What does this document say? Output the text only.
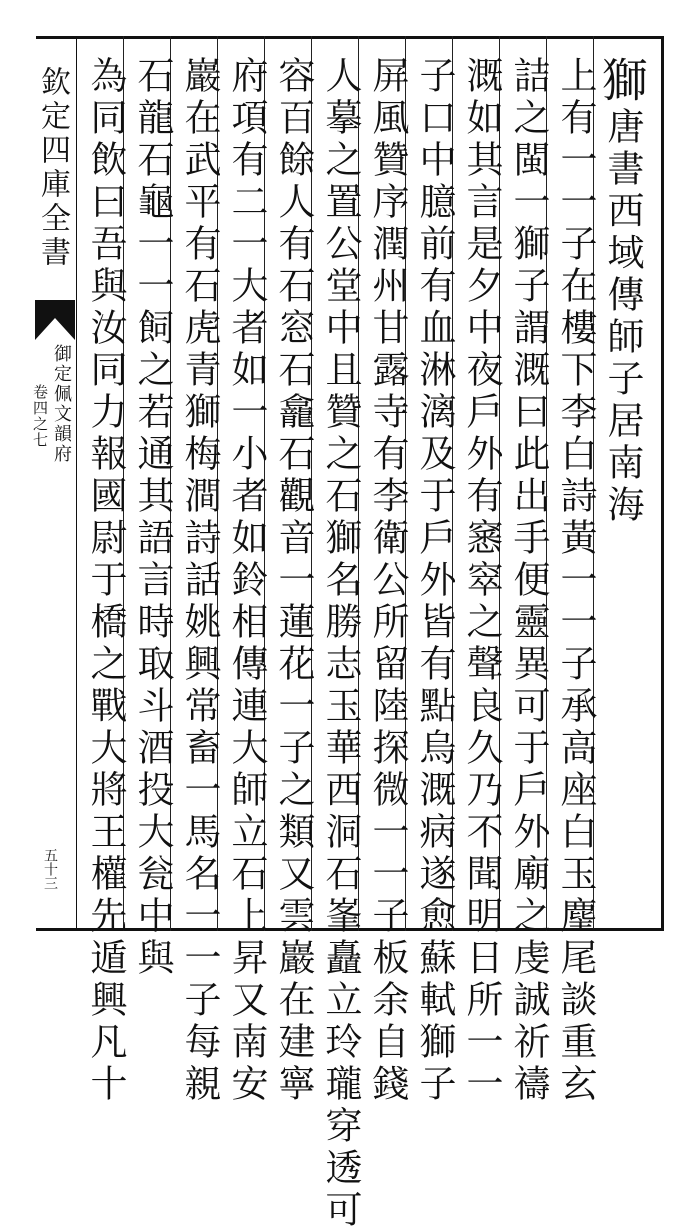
欽定四庫全書
御定佩文韻府
卷四之七
五十三
獅唐書西域傳師子居南海
上有一一子在樓下李白詩黃一一子承高座白玉麈尾談重玄
詰之閩一獅子謂溉曰此出手便靈異可于戶外廟之虔誠祈禱
溉如其言是夕中夜戶外有窸窣之聲良久乃不聞明日所一一
子口中臆前有血淋漓及于戶外皆有點烏溉病遂愈蘇軾獅子
屏風贊序潤州甘露寺有李衛公所留陸探微一一子板余自錢
人摹之置公堂中且贊之石獅名勝志玉華西洞石峯矗立玲瓏穿透可
容百餘人有石窓石龕石觀音一蓮花一子之類又雲巖在建寧
府項有二一大者如一小者如鈴相傳連大師立石上昇又南安
巖在武平有石虎青獅梅澗詩話姚興常畜一馬名一一子每親
石龍石龜一一飼之若通其語言時取斗酒投大瓮中與
為同飲曰吾與汝同力報國尉于橋之戰大將王權先遁興凡十
